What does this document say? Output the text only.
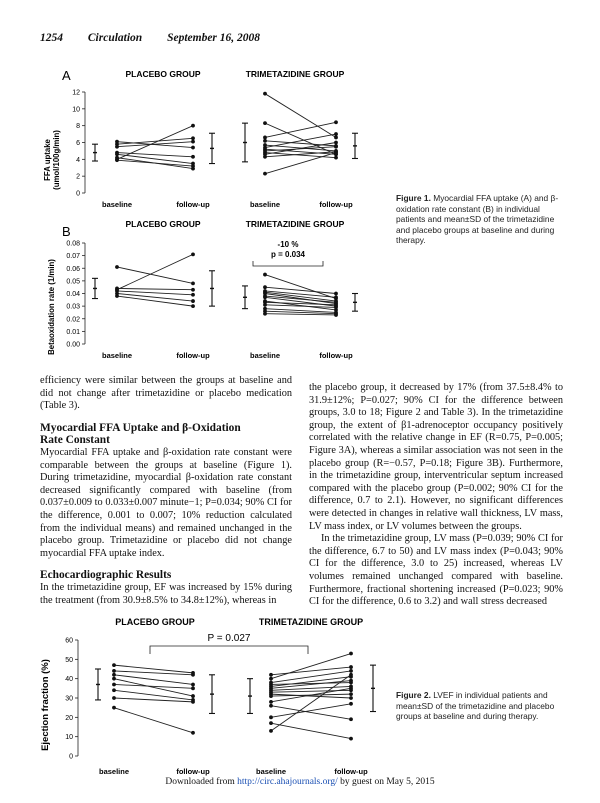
1254 Circulation September 16, 2008
A
B
PLACEBO GROUP	TRIMETAZIDINE GROUP
PLACEBO GROUP	TRIMETAZIDINE GROUP
FFA uptake (umol/100g/min)
Betaoxidation rate (1/min)
-10 %
p = 0.034
baseline	follow-up	baseline	follow-up
baseline	follow-up	baseline	follow-up
0
2
4
6
8
10
12
0.00
0.01
0.02
0.03
0.04
0.05
0.06
0.07
0.08
Figure 1. Myocardial FFA uptake (A) and β-oxidation rate constant (B) in individual patients and mean±SD of the trimetazidine and placebo groups at baseline and during therapy.

efficiency were similar between the groups at baseline and did not change after trimetazidine or placebo medication (Table 3).

Myocardial FFA Uptake and β-Oxidation

Rate Constant

Myocardial FFA uptake and β-oxidation rate constant were comparable between the groups at baseline (Figure 1). During trimetazidine, myocardial β-oxidation rate constant decreased significantly compared with baseline (from 0.037±0.009 to 0.033±0.007 minute−1; P=0.034; 90% CI for the difference, 0.001 to 0.007; 10% reduction calculated from the individual means) and remained unchanged in the placebo group. Trimetazidine or placebo did not change myocardial FFA uptake index.

Echocardiographic Results

In the trimetazidine group, EF was increased by 15% during the treatment (from 30.9±8.5% to 34.8±12%), whereas in

the placebo group, it decreased by 17% (from 37.5±8.4% to 31.9±12%; P=0.027; 90% CI for the difference between groups, 3.0 to 18; Figure 2 and Table 3). In the trimetazidine group, the extent of β1-adrenoceptor occupancy positively correlated with the relative change in EF (R=0.75, P=0.005; Figure 3A), whereas a similar association was not seen in the placebo group (R=−0.57, P=0.18; Figure 3B). Furthermore, in the trimetazidine group, interventricular septum increased compared with the placebo group (P=0.002; 90% CI for the difference, 0.7 to 2.1). However, no significant differences were detected in changes in relative wall thickness, LV mass, LV mass index, or LV volumes between the groups.

In the trimetazidine group, LV mass (P=0.039; 90% CI for the difference, 6.7 to 50) and LV mass index (P=0.043; 90% CI for the difference, 3.0 to 25) increased, whereas LV volumes remained unchanged compared with baseline. Furthermore, fractional shortening increased (P=0.023; 90% CI for the difference, 0.6 to 3.2) and wall stress decreased

PLACEBO GROUP	TRIMETAZIDINE GROUP
P = 0.027
Ejection fraction (%)
baseline	follow-up	baseline	follow-up
0
10
20
30
40
50
60
Figure 2. LVEF in individual patients and mean±SD of the trimetazidine and placebo groups at baseline and during therapy.
Downloaded from http://circ.ahajournals.org/ by guest on May 5, 2015
